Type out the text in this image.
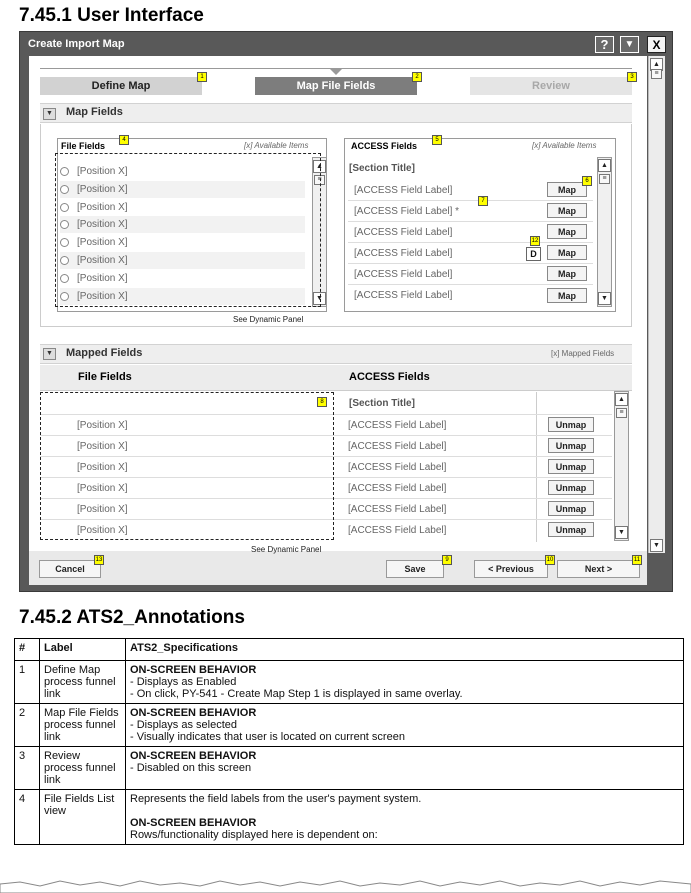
7.45.1 User Interface
7.45.2 ATS2_Annotations
Create Import Map	?	▼	X
▲
≡
▼
Define Map	Map File Fields	Review
1	2	3
▼ Map Fields
File Fields	[x] Available Items
4
[Position X]
[Position X]
[Position X]
[Position X]
[Position X]
[Position X]
[Position X]
[Position X]
▲
≡
▼
See Dynamic Panel
ACCESS Fields	[x] Available Items
5
[Section Title]
[ACCESS Field Label]	Map
[ACCESS Field Label] *	Map
[ACCESS Field Label]	Map
[ACCESS Field Label]	D	Map
[ACCESS Field Label]	Map
[ACCESS Field Label]	Map
6
7
12
▲
≡
▼
▼ Mapped Fields	[x] Mapped Fields
File Fields	ACCESS Fields
[Section Title]
[Position X]	[ACCESS Field Label]	Unmap
[Position X]	[ACCESS Field Label]	Unmap
[Position X]	[ACCESS Field Label]	Unmap
[Position X]	[ACCESS Field Label]	Unmap
[Position X]	[ACCESS Field Label]	Unmap
[Position X]	[ACCESS Field Label]	Unmap
8
See Dynamic Panel
▲
≡
▼
Cancel
13
Save
9
< Previous
10
Next >
11
#	Label	ATS2_Specifications
1	Define Map process funnel link	ON-SCREEN BEHAVIOR
- Displays as Enabled
- On click, PY-541 - Create Map Step 1 is displayed in same overlay.

2	Map File Fields process funnel link	ON-SCREEN BEHAVIOR
- Displays as selected
- Visually indicates that user is located on current screen

3	Review process funnel link	ON-SCREEN BEHAVIOR
- Disabled on this screen

4	File Fields List view	Represents the field labels from the user's payment system.
ON-SCREEN BEHAVIOR
Rows/functionality displayed here is dependent on:
